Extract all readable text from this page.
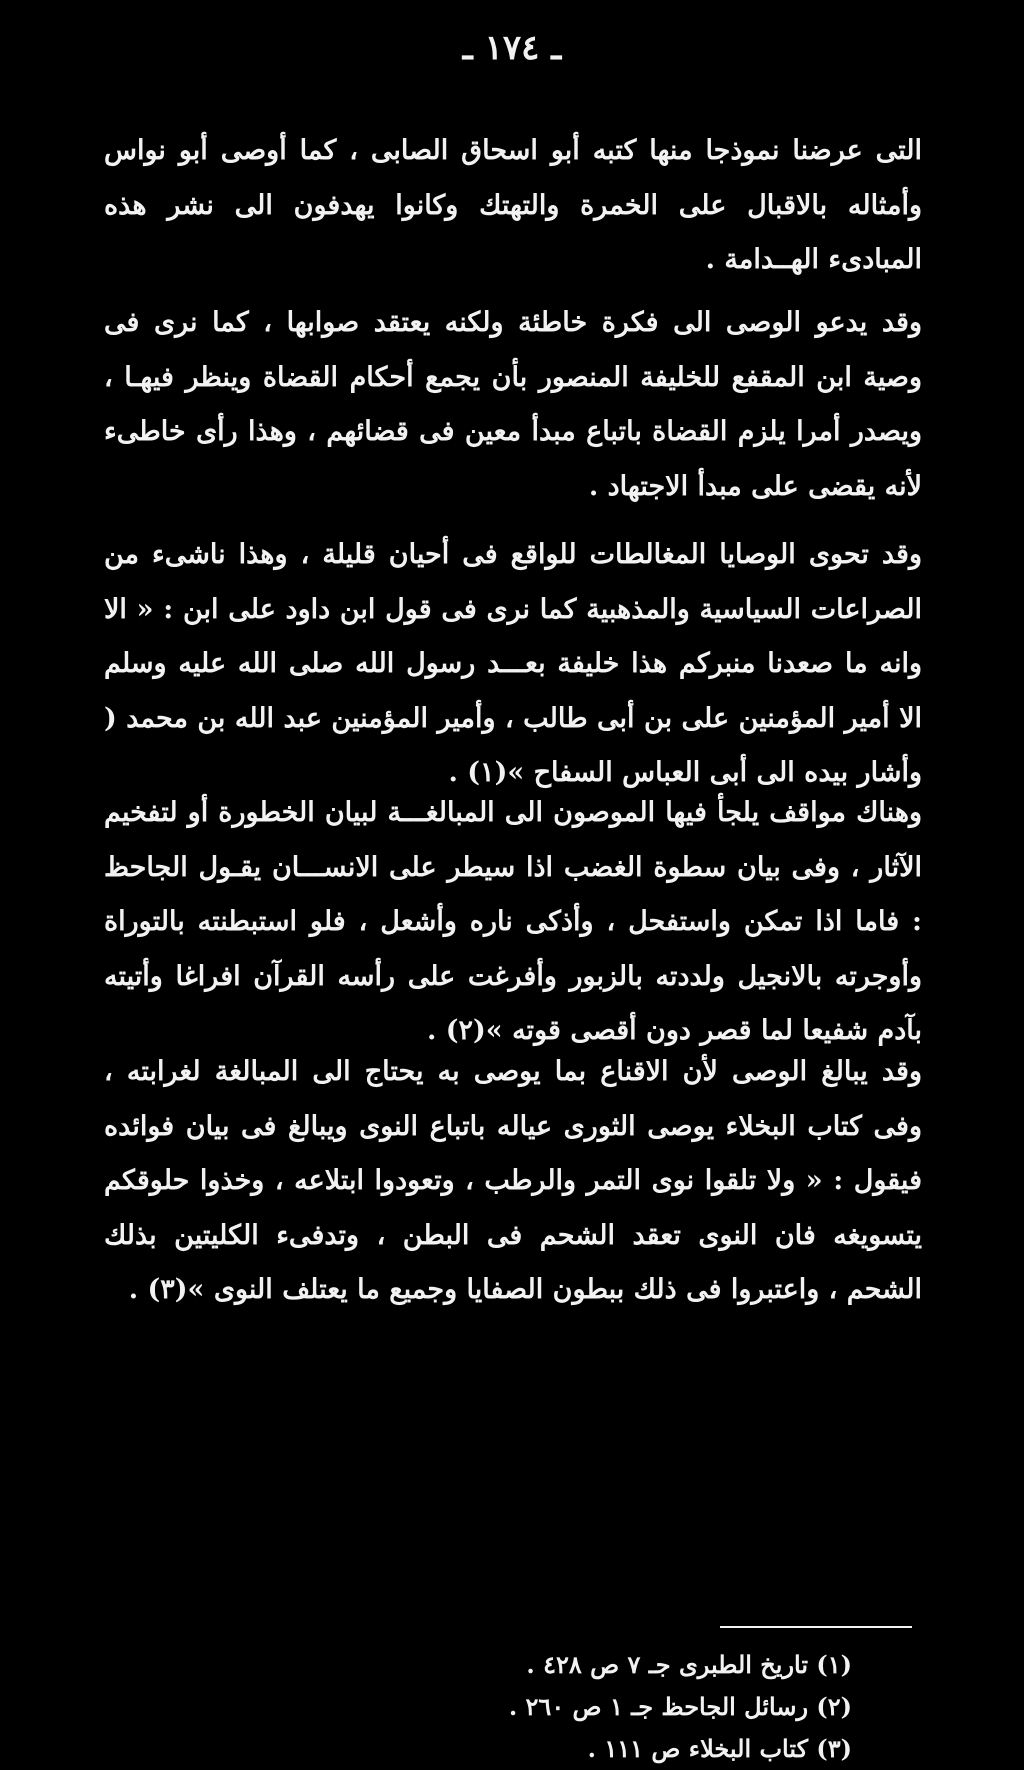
ـ ١٧٤ ـ
التى عرضنا نموذجا منها كتبه أبو اسحاق الصابى ، كما أوصى أبو نواس وأمثاله بالاقبال على الخمرة والتهتك وكانوا يهدفون الى نشر هذه المبادىء الهــدامة .
وقد يدعو الوصى الى فكرة خاطئة ولكنه يعتقد صوابها ، كما نرى فى وصية ابن المقفع للخليفة المنصور بأن يجمع أحكام القضاة وينظر فيهـا ، ويصدر أمرا يلزم القضاة باتباع مبدأ معين فى قضائهم ، وهذا رأى خاطىء لأنه يقضى على مبدأ الاجتهاد .
وقد تحوى الوصايا المغالطات للواقع فى أحيان قليلة ، وهذا ناشىء من الصراعات السياسية والمذهبية كما نرى فى قول ابن داود على ابن : « الا وانه ما صعدنا منبركم هذا خليفة بعـــد رسول الله صلى الله عليه وسلم الا أمير المؤمنين على بن أبى طالب ، وأمير المؤمنين عبد الله بن محمد ( وأشار بيده الى أبى العباس السفاح »(١) .
وهناك مواقف يلجأ فيها الموصون الى المبالغـــة لبيان الخطورة أو لتفخيم الآثار ، وفى بيان سطوة الغضب اذا سيطر على الانســـان يقـول الجاحظ : فاما اذا تمكن واستفحل ، وأذكى ناره وأشعل ، فلو استبطنته بالتوراة وأوجرته بالانجيل ولددته بالزبور وأفرغت على رأسه القرآن افراغا وأتيته بآدم شفيعا لما قصر دون أقصى قوته »(٢) .
وقد يبالغ الوصى لأن الاقناع بما يوصى به يحتاج الى المبالغة لغرابته ، وفى كتاب البخلاء يوصى الثورى عياله باتباع النوى ويبالغ فى بيان فوائده فيقول : « ولا تلقوا نوى التمر والرطب ، وتعودوا ابتلاعه ، وخذوا حلوقكم يتسويغه فان النوى تعقد الشحم فى البطن ، وتدفىء الكليتين بذلك الشحم ، واعتبروا فى ذلك ببطون الصفايا وجميع ما يعتلف النوى »(٣) .
(١) تاريخ الطبرى جـ ٧ ص ٤٢٨ .
(٢) رسائل الجاحظ جـ ١ ص ٢٦٠ .
(٣) كتاب البخلاء ص ١١١ .
